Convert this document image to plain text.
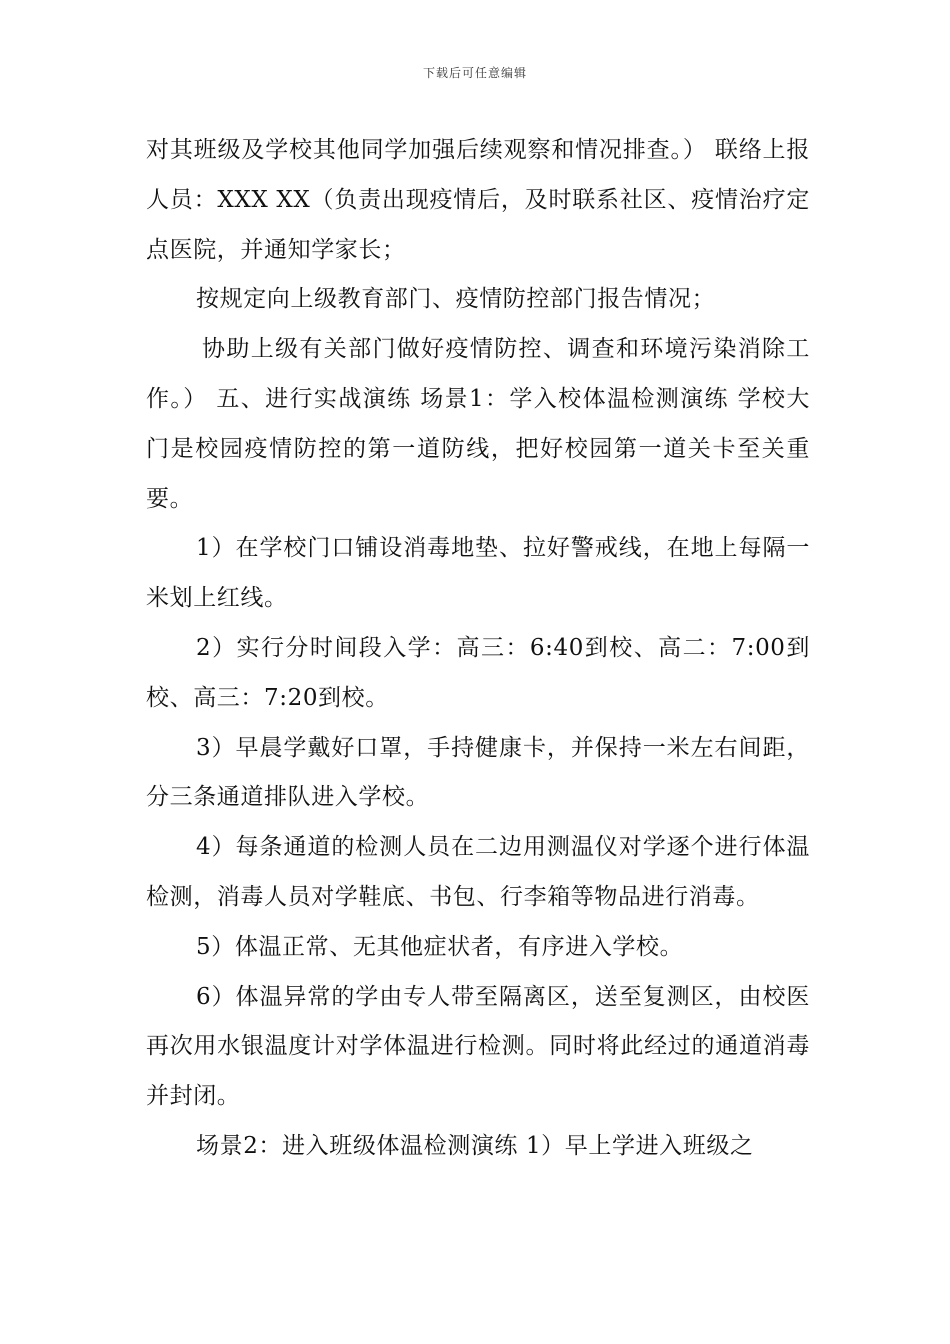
下载后可任意编辑

对其班级及学校其他同学加强后续观察和情况排查。） 联络上报人员：XXX XX（负责出现疫情后，及时联系社区、疫情治疗定点医院，并通知学家长；

按规定向上级教育部门、疫情防控部门报告情况；

协助上级有关部门做好疫情防控、调查和环境污染消除工作。） 五、进行实战演练 场景1：学入校体温检测演练 学校大门是校园疫情防控的第一道防线，把好校园第一道关卡至关重要。

1）在学校门口铺设消毒地垫、拉好警戒线，在地上每隔一米划上红线。

2）实行分时间段入学：高三：6:40到校、高二：7:00到校、高三：7:20到校。

3）早晨学戴好口罩，手持健康卡，并保持一米左右间距，分三条通道排队进入学校。

4）每条通道的检测人员在二边用测温仪对学逐个进行体温检测，消毒人员对学鞋底、书包、行李箱等物品进行消毒。

5）体温正常、无其他症状者，有序进入学校。

6）体温异常的学由专人带至隔离区，送至复测区，由校医再次用水银温度计对学体温进行检测。同时将此经过的通道消毒并封闭。

场景2：进入班级体温检测演练 1）早上学进入班级之
